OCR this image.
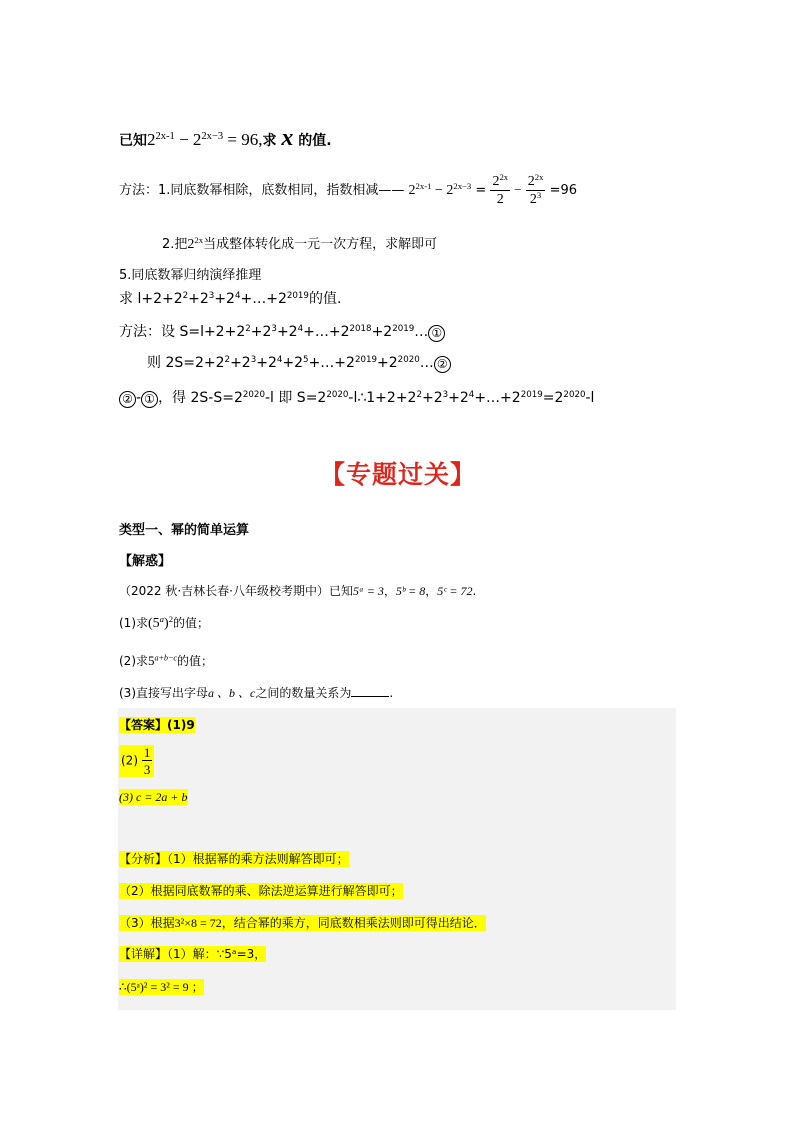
已知$2^{2x-1} - 2^{2x-3} = 96$,求 x 的值.
方法：1.同底数幂相除，底数相同，指数相减—— $2^{2x-1} - 2^{2x-3} = \frac{2^{2x}}{2} - \frac{2^{2x}}{2^3} =96$
2.把$2^{2x}$当成整体转化成一元一次方程，求解即可
5.同底数幂归纳演绎推理
求 $l+2+2^2+2^3+2^4+\dots+2^{2019}$的值.
方法：设 $S=l+2+2^2+2^3+2^4+\dots+2^{2018}+2^{2019}\dots$ ①
则 $2S=2+2^2+2^3+2^4+2^5+\dots+2^{2019}+2^{2020}\dots$ ②
② - ① ，得 $2S-S=2^{2020}-l$ 即 $S=2^{2020}-l\therefore 1+2+2^2+2^3+2^4+\dots+2^{2019}=2^{2020}-l$
【专题过关】
类型一、幂的简单运算
【解惑】
（2022 秋·吉林长春·八年级校考期中）已知5ᵃ = 3，5ᵇ = 8，5ᶜ = 72.
(1)求$(5^a)^2$的值；
(2)求$5^{a+b-c}$的值；
(3)直接写出字母a 、b 、c之间的数量关系为	.
【答案】(1)9
$(2) \frac{1}{3}$
(3) c = 2a + b
【分析】（1）根据幂的乘方法则解答即可；
（2）根据同底数幂的乘、除法逆运算进行解答即可；
（3）根据3²×8 = 72，结合幂的乘方，同底数相乘法则即可得出结论．
【详解】（1）解：∵5ᵃ=3，
∴(5ᵃ)² = 3² = 9 ；
